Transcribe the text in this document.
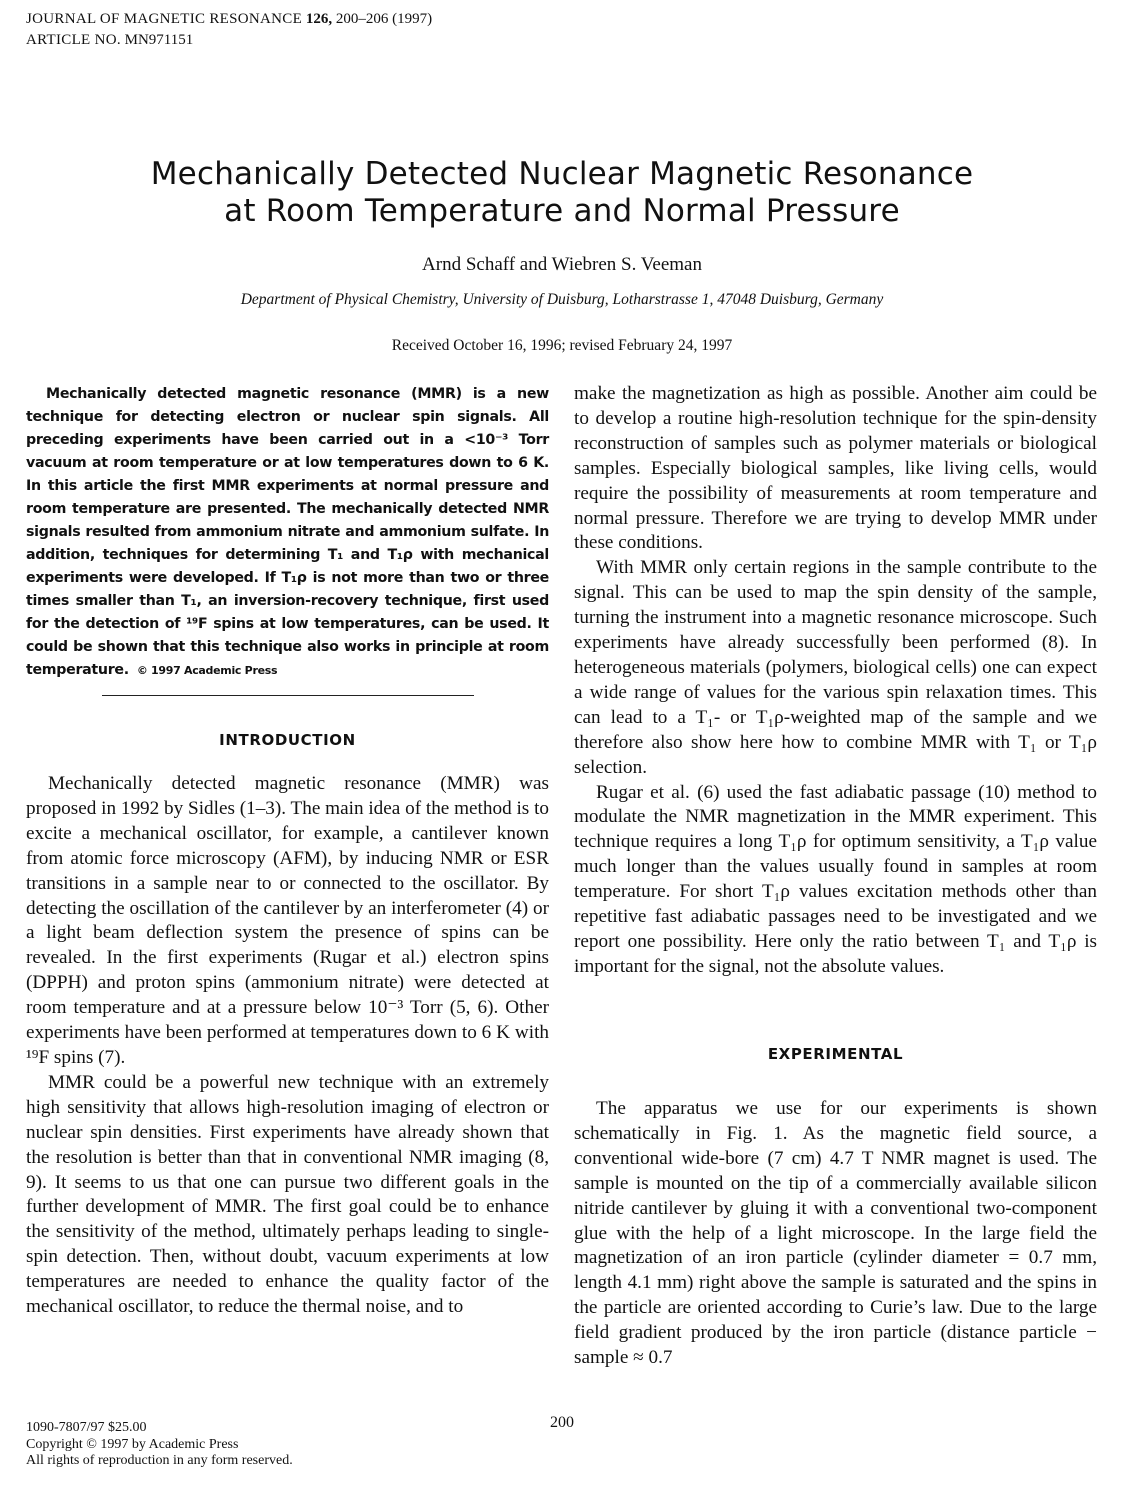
JOURNAL OF MAGNETIC RESONANCE 126, 200–206 (1997)
ARTICLE NO. MN971151
Mechanically Detected Nuclear Magnetic Resonance
at Room Temperature and Normal Pressure
Arnd Schaff and Wiebren S. Veeman
Department of Physical Chemistry, University of Duisburg, Lotharstrasse 1, 47048 Duisburg, Germany
Received October 16, 1996; revised February 24, 1997

Mechanically detected magnetic resonance (MMR) is a new technique for detecting electron or nuclear spin signals. All preceding experiments have been carried out in a <10⁻³ Torr vacuum at room temperature or at low temperatures down to 6 K. In this article the first MMR experiments at normal pressure and room temperature are presented. The mechanically detected NMR signals resulted from ammonium nitrate and ammonium sulfate. In addition, techniques for determining T₁ and T₁ρ with mechanical experiments were developed. If T₁ρ is not more than two or three times smaller than T₁, an inversion-recovery technique, first used for the detection of ¹⁹F spins at low temperatures, can be used. It could be shown that this technique also works in principle at room temperature. © 1997 Academic Press

INTRODUCTION

Mechanically detected magnetic resonance (MMR) was proposed in 1992 by Sidles (1–3). The main idea of the method is to excite a mechanical oscillator, for example, a cantilever known from atomic force microscopy (AFM), by inducing NMR or ESR transitions in a sample near to or connected to the oscillator. By detecting the oscillation of the cantilever by an interferometer (4) or a light beam deflection system the presence of spins can be revealed. In the first experiments (Rugar et al.) electron spins (DPPH) and proton spins (ammonium nitrate) were detected at room temperature and at a pressure below 10⁻³ Torr (5, 6). Other experiments have been performed at temperatures down to 6 K with ¹⁹F spins (7).

MMR could be a powerful new technique with an extremely high sensitivity that allows high-resolution imaging of electron or nuclear spin densities. First experiments have already shown that the resolution is better than that in conventional NMR imaging (8, 9). It seems to us that one can pursue two different goals in the further development of MMR. The first goal could be to enhance the sensitivity of the method, ultimately perhaps leading to single-spin detection. Then, without doubt, vacuum experiments at low temperatures are needed to enhance the quality factor of the mechanical oscillator, to reduce the thermal noise, and to

make the magnetization as high as possible. Another aim could be to develop a routine high-resolution technique for the spin-density reconstruction of samples such as polymer materials or biological samples. Especially biological samples, like living cells, would require the possibility of measurements at room temperature and normal pressure. Therefore we are trying to develop MMR under these conditions.

With MMR only certain regions in the sample contribute to the signal. This can be used to map the spin density of the sample, turning the instrument into a magnetic resonance microscope. Such experiments have already successfully been performed (8). In heterogeneous materials (polymers, biological cells) one can expect a wide range of values for the various spin relaxation times. This can lead to a T₁- or T₁ρ-weighted map of the sample and we therefore also show here how to combine MMR with T₁ or T₁ρ selection.

Rugar et al. (6) used the fast adiabatic passage (10) method to modulate the NMR magnetization in the MMR experiment. This technique requires a long T₁ρ for optimum sensitivity, a T₁ρ value much longer than the values usually found in samples at room temperature. For short T₁ρ values excitation methods other than repetitive fast adiabatic passages need to be investigated and we report one possibility. Here only the ratio between T₁ and T₁ρ is important for the signal, not the absolute values.

EXPERIMENTAL

The apparatus we use for our experiments is shown schematically in Fig. 1. As the magnetic field source, a conventional wide-bore (7 cm) 4.7 T NMR magnet is used. The sample is mounted on the tip of a commercially available silicon nitride cantilever by gluing it with a conventional two-component glue with the help of a light microscope. In the large field the magnetization of an iron particle (cylinder diameter = 0.7 mm, length 4.1 mm) right above the sample is saturated and the spins in the particle are oriented according to Curie’s law. Due to the large field gradient produced by the iron particle (distance particle − sample ≈ 0.7

200
1090-7807/97 $25.00
Copyright © 1997 by Academic Press
All rights of reproduction in any form reserved.
